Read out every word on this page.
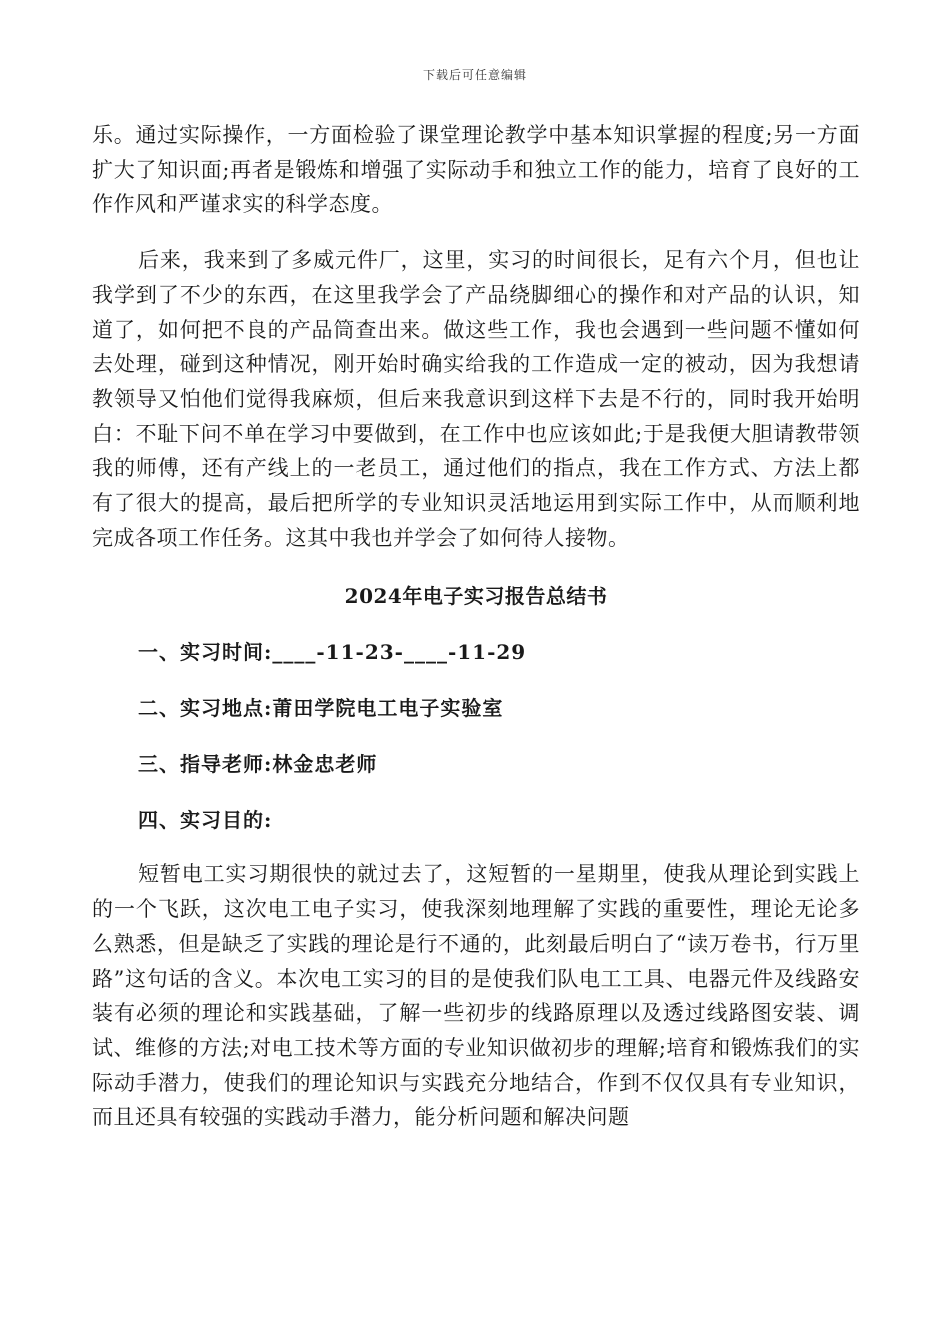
下载后可任意编辑

乐。通过实际操作，一方面检验了课堂理论教学中基本知识掌握的程度;另一方面扩大了知识面;再者是锻炼和增强了实际动手和独立工作的能力，培育了良好的工作作风和严谨求实的科学态度。

后来，我来到了多威元件厂，这里，实习的时间很长，足有六个月，但也让我学到了不少的东西，在这里我学会了产品绕脚细心的操作和对产品的认识，知道了，如何把不良的产品筒查出来。做这些工作，我也会遇到一些问题不懂如何去处理，碰到这种情况，刚开始时确实给我的工作造成一定的被动，因为我想请教领导又怕他们觉得我麻烦，但后来我意识到这样下去是不行的，同时我开始明白：不耻下问不单在学习中要做到，在工作中也应该如此;于是我便大胆请教带领我的师傅，还有产线上的一老员工，通过他们的指点，我在工作方式、方法上都有了很大的提高，最后把所学的专业知识灵活地运用到实际工作中，从而顺利地完成各项工作任务。这其中我也并学会了如何待人接物。

2024年电子实习报告总结书

一、实习时间:____-11-23-____-11-29

二、实习地点:莆田学院电工电子实验室

三、指导老师:林金忠老师

四、实习目的:

短暂电工实习期很快的就过去了，这短暂的一星期里，使我从理论到实践上的一个飞跃，这次电工电子实习，使我深刻地理解了实践的重要性，理论无论多么熟悉，但是缺乏了实践的理论是行不通的，此刻最后明白了“读万卷书，行万里路”这句话的含义。本次电工实习的目的是使我们队电工工具、电器元件及线路安装有必须的理论和实践基础，了解一些初步的线路原理以及透过线路图安装、调试、维修的方法;对电工技术等方面的专业知识做初步的理解;培育和锻炼我们的实际动手潜力，使我们的理论知识与实践充分地结合，作到不仅仅具有专业知识，而且还具有较强的实践动手潜力，能分析问题和解决问题
